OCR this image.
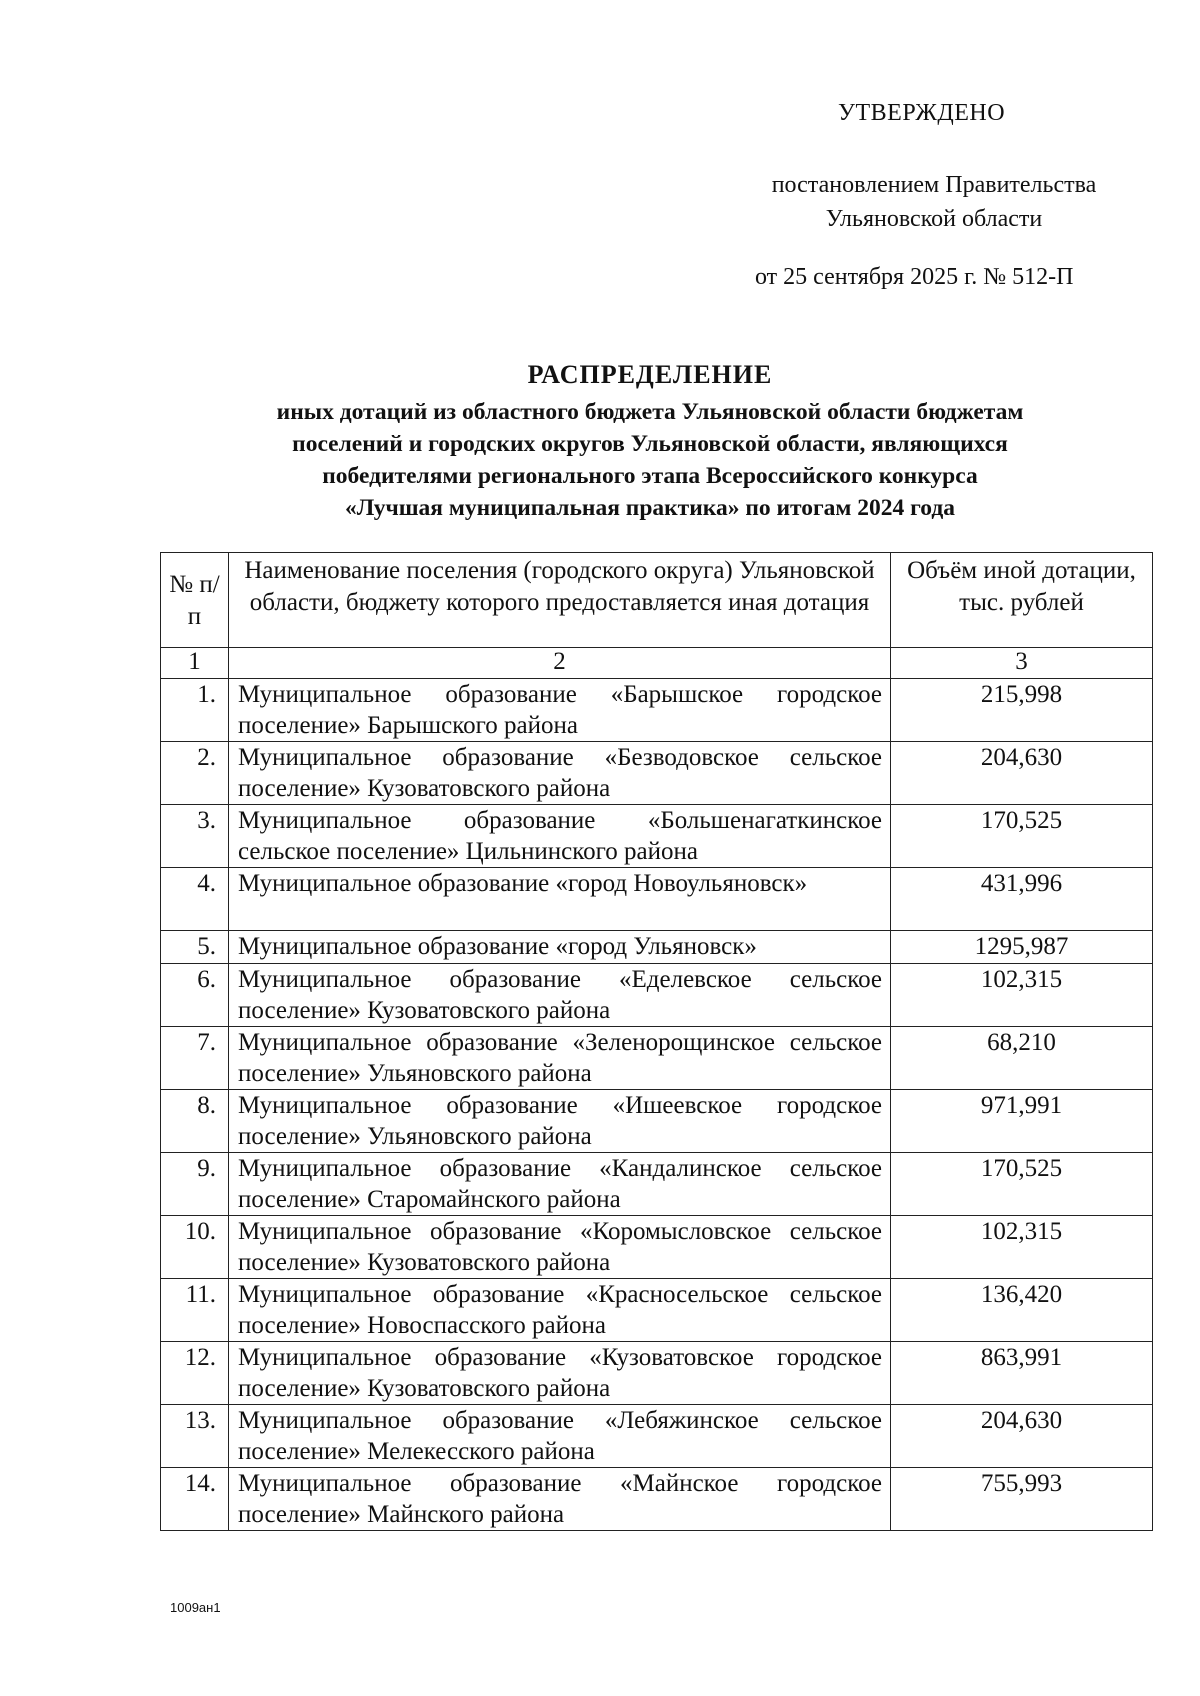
УТВЕРЖДЕНО
постановлением Правительства
Ульяновской области
от 25 сентября 2025 г. № 512-П
РАСПРЕДЕЛЕНИЕ
иных дотаций из областного бюджета Ульяновской области бюджетам
поселений и городских округов Ульяновской области, являющихся
победителями регионального этапа Всероссийского конкурса
«Лучшая муниципальная практика» по итогам 2024 года
№ п/п	Наименование поселения (городского округа) Ульяновской области, бюджету которого предоставляется иная дотация	Объём иной дотации, тыс. рублей
1	2	3
1.	Муниципальное образование «Барышское городское поселение» Барышского района	215,998
2.	Муниципальное образование «Безводовское сельское поселение» Кузоватовского района	204,630
3.	Муниципальное образование «Большенагаткинское сельское поселение» Цильнинского района	170,525
4.	Муниципальное образование «город Новоульяновск»	431,996
5.	Муниципальное образование «город Ульяновск»	1295,987
6.	Муниципальное образование «Еделевское сельское поселение» Кузоватовского района	102,315
7.	Муниципальное образование «Зеленорощинское сельское поселение» Ульяновского района	68,210
8.	Муниципальное образование «Ишеевское городское поселение» Ульяновского района	971,991
9.	Муниципальное образование «Кандалинское сельское поселение» Старомайнского района	170,525
10.	Муниципальное образование «Коромысловское сельское поселение» Кузоватовского района	102,315
11.	Муниципальное образование «Красносельское сельское поселение» Новоспасского района	136,420
12.	Муниципальное образование «Кузоватовское городское поселение» Кузоватовского района	863,991
13.	Муниципальное образование «Лебяжинское сельское поселение» Мелекесского района	204,630
14.	Муниципальное образование «Майнское городское поселение» Майнского района	755,993
1009ан1
